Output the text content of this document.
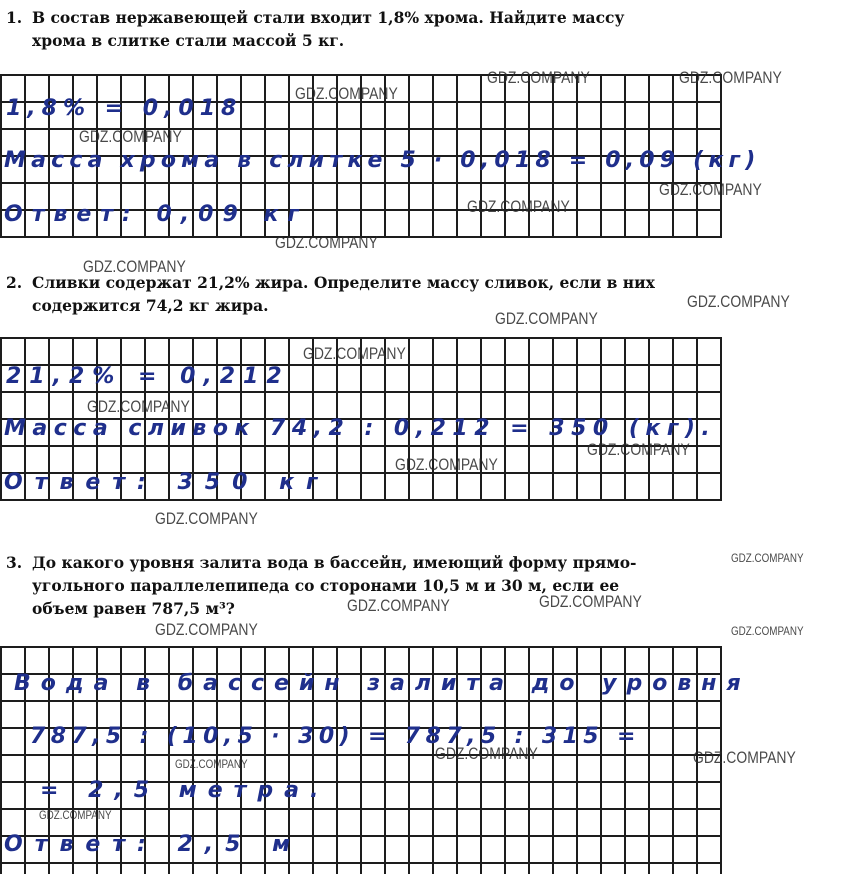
1. В состав нержавеющей стали входит 1,8% хрома. Найдите массу
хрома в слитке стали массой 5 кг.

1,8% = 0,018
Масса хрома в слитке 5 · 0,018 = 0,09 (кг)
Ответ: 0,09 кг

2. Сливки содержат 21,2% жира. Определите массу сливок, если в них
содержится 74,2 кг жира.

21,2% = 0,212
Масса сливок 74,2 : 0,212 = 350 (кг).
Ответ: 350 кг

3. До какого уровня залита вода в бассейн, имеющий форму прямо-
угольного параллелепипеда со сторонами 10,5 м и 30 м, если ее
объем равен 787,5 м³?

Вода в бассейн залита до уровня
787,5 : (10,5 · 30) = 787,5 : 315 =
= 2,5 метра.
Ответ: 2,5 м
GDZ.COMPANY	GDZ.COMPANY
GDZ.COMPANY
GDZ.COMPANY
GDZ.COMPANY
GDZ.COMPANY
GDZ.COMPANY
GDZ.COMPANY
GDZ.COMPANY
GDZ.COMPANY
GDZ.COMPANY
GDZ.COMPANY
GDZ.COMPANY
GDZ.COMPANY
GDZ.COMPANY
GDZ.COMPANY
GDZ.COMPANY
GDZ.COMPANY
GDZ.COMPANY	GDZ.COMPANY
GDZ.COMPANY	GDZ.COMPANY
GDZ.COMPANY
GDZ.COMPANY
